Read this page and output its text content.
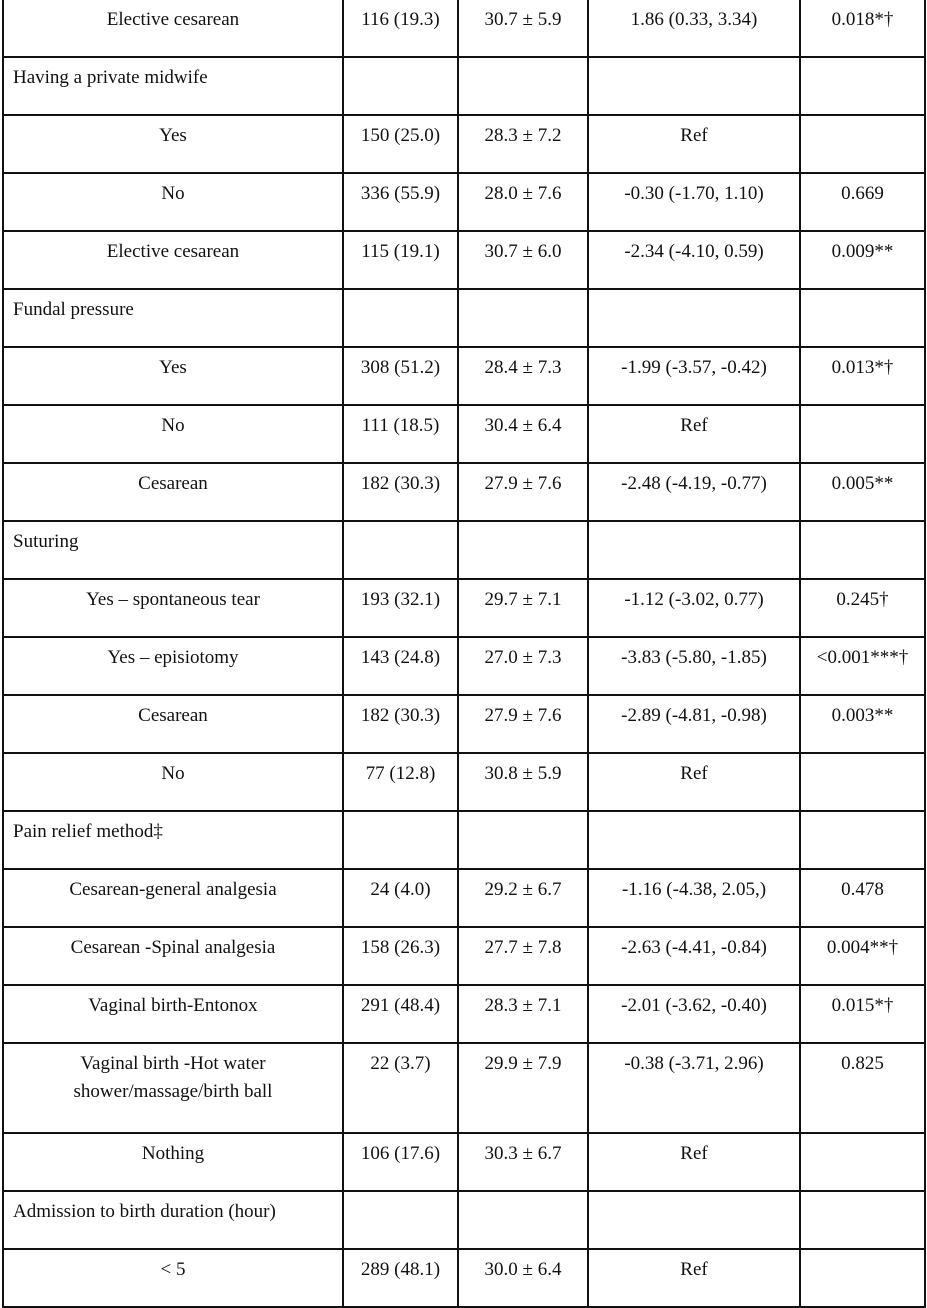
Elective cesarean	116 (19.3)	30.7 ± 5.9	1.86 (0.33, 3.34)	0.018*†
Having a private midwife				
Yes	150 (25.0)	28.3 ± 7.2	Ref	
No	336 (55.9)	28.0 ± 7.6	-0.30 (-1.70, 1.10)	0.669
Elective cesarean	115 (19.1)	30.7 ± 6.0	-2.34 (-4.10, 0.59)	0.009**
Fundal pressure				
Yes	308 (51.2)	28.4 ± 7.3	-1.99 (-3.57, -0.42)	0.013*†
No	111 (18.5)	30.4 ± 6.4	Ref	
Cesarean	182 (30.3)	27.9 ± 7.6	-2.48 (-4.19, -0.77)	0.005**
Suturing				
Yes – spontaneous tear	193 (32.1)	29.7 ± 7.1	-1.12 (-3.02, 0.77)	0.245†
Yes – episiotomy	143 (24.8)	27.0 ± 7.3	-3.83 (-5.80, -1.85)	<0.001***†
Cesarean	182 (30.3)	27.9 ± 7.6	-2.89 (-4.81, -0.98)	0.003**
No	77 (12.8)	30.8 ± 5.9	Ref	
Pain relief method‡				
Cesarean-general analgesia	24 (4.0)	29.2 ± 6.7	-1.16 (-4.38, 2.05,)	0.478
Cesarean -Spinal analgesia	158 (26.3)	27.7 ± 7.8	-2.63 (-4.41, -0.84)	0.004**†
Vaginal birth-Entonox	291 (48.4)	28.3 ± 7.1	-2.01 (-3.62, -0.40)	0.015*†
Vaginal birth -Hot water shower/massage/birth ball	22 (3.7)	29.9 ± 7.9	-0.38 (-3.71, 2.96)	0.825
Nothing	106 (17.6)	30.3 ± 6.7	Ref	
Admission to birth duration (hour)				
< 5	289 (48.1)	30.0 ± 6.4	Ref	
